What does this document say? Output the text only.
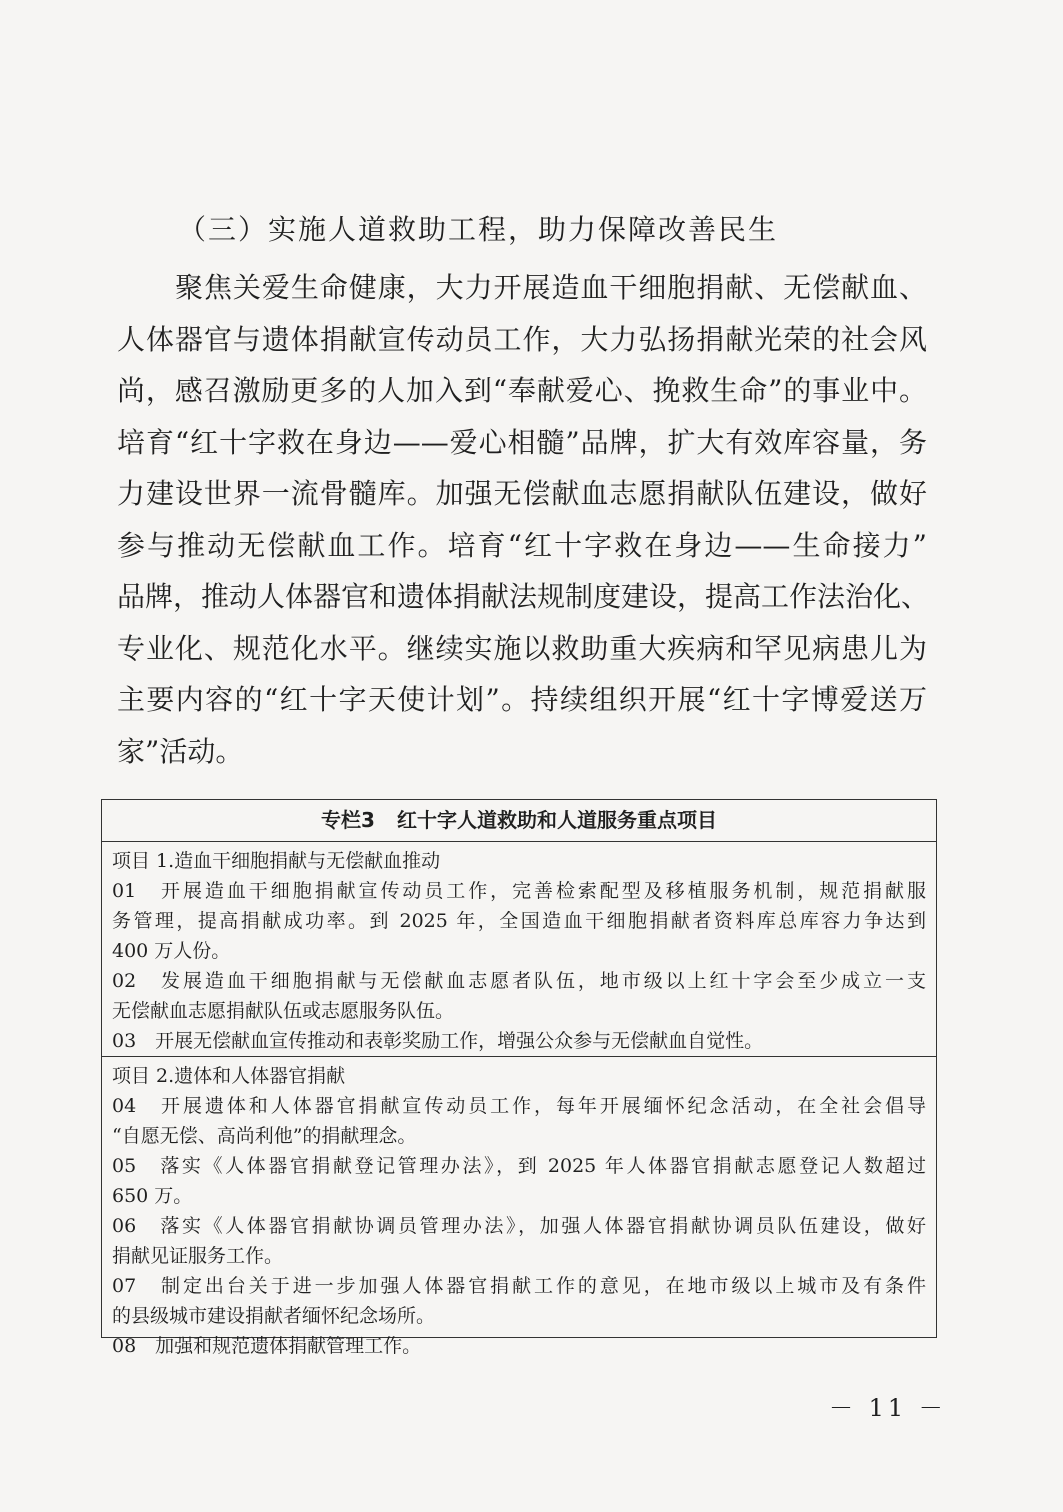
（三）实施人道救助工程，助力保障改善民生
聚焦关爱生命健康，大力开展造血干细胞捐献、无偿献血、
人体器官与遗体捐献宣传动员工作，大力弘扬捐献光荣的社会风
尚，感召激励更多的人加入到“奉献爱心、挽救生命”的事业中。
培育“红十字救在身边——爱心相髓”品牌，扩大有效库容量，务
力建设世界一流骨髓库。加强无偿献血志愿捐献队伍建设，做好
参与推动无偿献血工作。培育“红十字救在身边——生命接力”
品牌，推动人体器官和遗体捐献法规制度建设，提高工作法治化、
专业化、规范化水平。继续实施以救助重大疾病和罕见病患儿为
主要内容的“红十字天使计划”。持续组织开展“红十字博爱送万
家”活动。
专栏3 红十字人道救助和人道服务重点项目
项目 1.造血干细胞捐献与无偿献血推动
01　开展造血干细胞捐献宣传动员工作，完善检索配型及移植服务机制，规范捐献服
务管理，提高捐献成功率。到 2025 年，全国造血干细胞捐献者资料库总库容力争达到
400 万人份。
02　发展造血干细胞捐献与无偿献血志愿者队伍，地市级以上红十字会至少成立一支
无偿献血志愿捐献队伍或志愿服务队伍。
03　开展无偿献血宣传推动和表彰奖励工作，增强公众参与无偿献血自觉性。
项目 2.遗体和人体器官捐献
04　开展遗体和人体器官捐献宣传动员工作，每年开展缅怀纪念活动，在全社会倡导
“自愿无偿、高尚利他”的捐献理念。
05　落实《人体器官捐献登记管理办法》，到 2025 年人体器官捐献志愿登记人数超过
650 万。
06　落实《人体器官捐献协调员管理办法》，加强人体器官捐献协调员队伍建设，做好
捐献见证服务工作。
07　制定出台关于进一步加强人体器官捐献工作的意见，在地市级以上城市及有条件
的县级城市建设捐献者缅怀纪念场所。
08　加强和规范遗体捐献管理工作。
－ 11 －
